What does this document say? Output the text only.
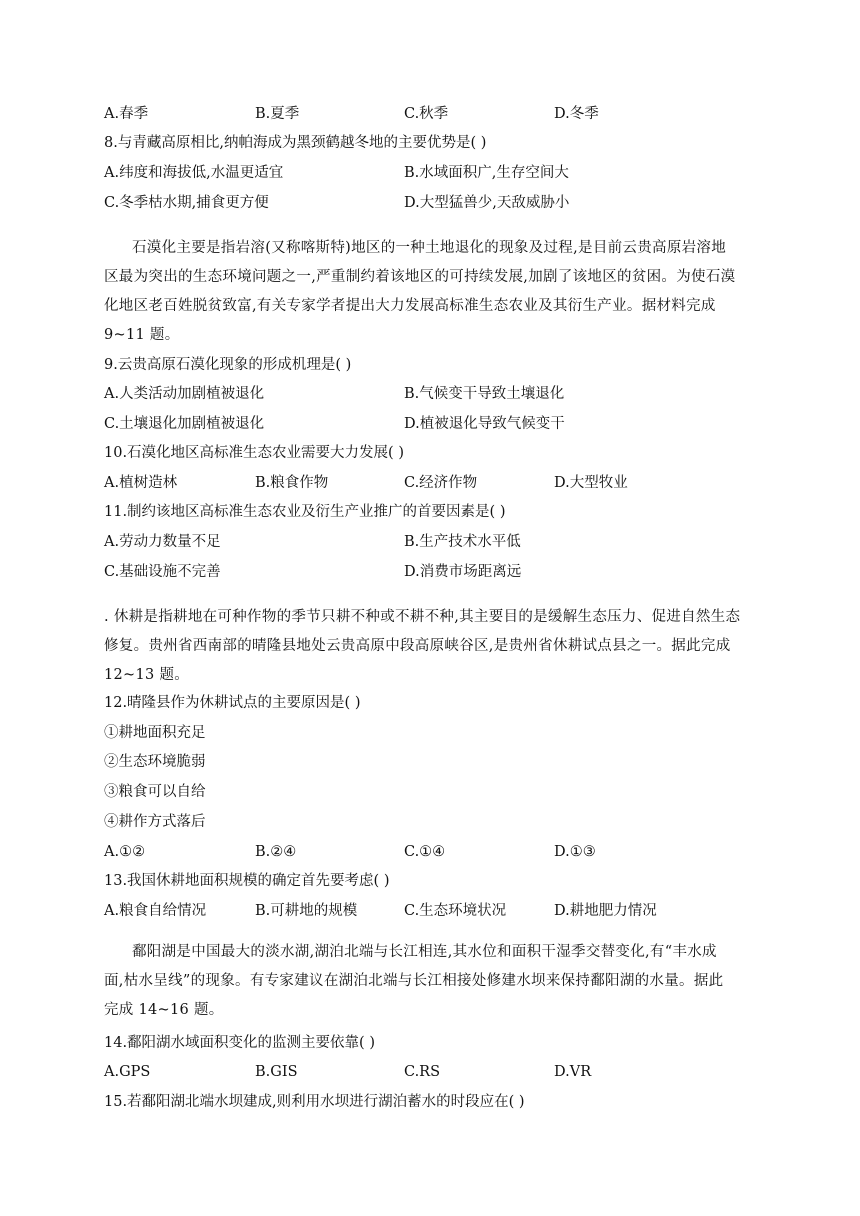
A.春季	B.夏季	C.秋季	D.冬季
8.与青藏高原相比,纳帕海成为黑颈鹤越冬地的主要优势是( )
A.纬度和海拔低,水温更适宜	B.水域面积广,生存空间大
C.冬季枯水期,捕食更方便	D.大型猛兽少,天敌威胁小

石漠化主要是指岩溶(又称喀斯特)地区的一种土地退化的现象及过程,是目前云贵高原岩溶地

区最为突出的生态环境问题之一,严重制约着该地区的可持续发展,加剧了该地区的贫困。为使石漠

化地区老百姓脱贫致富,有关专家学者提出大力发展高标准生态农业及其衍生产业。据材料完成

9~11 题。

9.云贵高原石漠化现象的形成机理是( )
A.人类活动加剧植被退化	B.气候变干导致土壤退化
C.土壤退化加剧植被退化	D.植被退化导致气候变干
10.石漠化地区高标准生态农业需要大力发展( )
A.植树造林	B.粮食作物	C.经济作物	D.大型牧业
11.制约该地区高标准生态农业及衍生产业推广的首要因素是( )
A.劳动力数量不足	B.生产技术水平低
C.基础设施不完善	D.消费市场距离远

. 休耕是指耕地在可种作物的季节只耕不种或不耕不种,其主要目的是缓解生态压力、促进自然生态

修复。贵州省西南部的晴隆县地处云贵高原中段高原峡谷区,是贵州省休耕试点县之一。据此完成

12~13 题。

12.晴隆县作为休耕试点的主要原因是( )
①耕地面积充足
②生态环境脆弱
③粮食可以自给
④耕作方式落后
A.①②	B.②④	C.①④	D.①③
13.我国休耕地面积规模的确定首先要考虑( )
A.粮食自给情况	B.可耕地的规模	C.生态环境状况	D.耕地肥力情况

鄱阳湖是中国最大的淡水湖,湖泊北端与长江相连,其水位和面积干湿季交替变化,有“丰水成

面,枯水呈线”的现象。有专家建议在湖泊北端与长江相接处修建水坝来保持鄱阳湖的水量。据此

完成 14~16 题。

14.鄱阳湖水域面积变化的监测主要依靠( )
A.GPS	B.GIS	C.RS	D.VR
15.若鄱阳湖北端水坝建成,则利用水坝进行湖泊蓄水的时段应在( )
